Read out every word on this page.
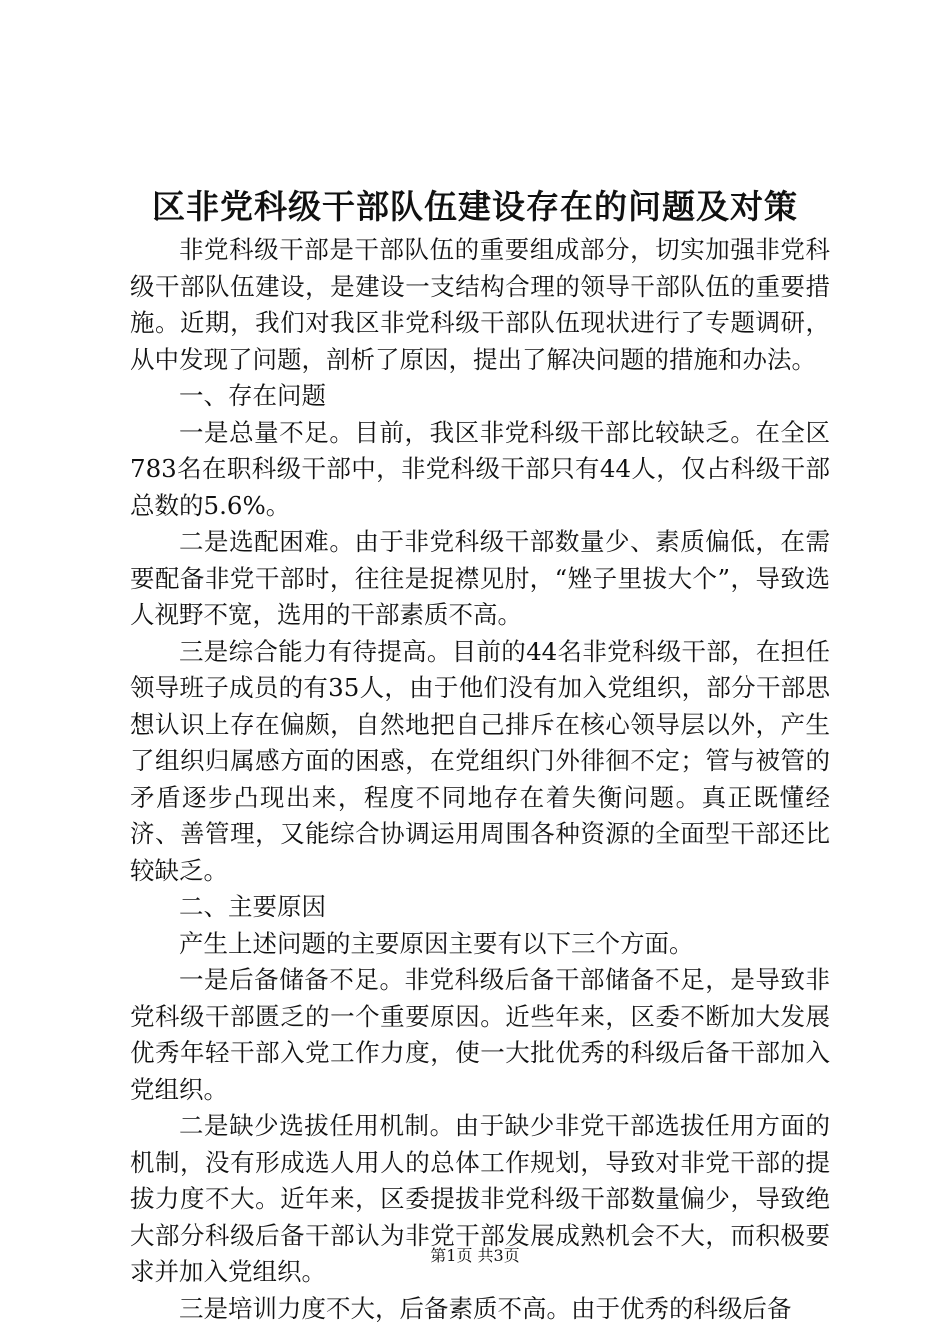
区非党科级干部队伍建设存在的问题及对策

非党科级干部是干部队伍的重要组成部分，切实加强非党科级干部队伍建设，是建设一支结构合理的领导干部队伍的重要措施。近期，我们对我区非党科级干部队伍现状进行了专题调研，从中发现了问题，剖析了原因，提出了解决问题的措施和办法。

一、存在问题

一是总量不足。目前，我区非党科级干部比较缺乏。在全区783名在职科级干部中，非党科级干部只有44人，仅占科级干部总数的5.6%。

二是选配困难。由于非党科级干部数量少、素质偏低，在需要配备非党干部时，往往是捉襟见肘，“矬子里拔大个”，导致选人视野不宽，选用的干部素质不高。

三是综合能力有待提高。目前的44名非党科级干部，在担任领导班子成员的有35人，由于他们没有加入党组织，部分干部思想认识上存在偏颇，自然地把自己排斥在核心领导层以外，产生了组织归属感方面的困惑，在党组织门外徘徊不定；管与被管的矛盾逐步凸现出来，程度不同地存在着失衡问题。真正既懂经济、善管理，又能综合协调运用周围各种资源的全面型干部还比较缺乏。

二、主要原因

产生上述问题的主要原因主要有以下三个方面。

一是后备储备不足。非党科级后备干部储备不足，是导致非党科级干部匮乏的一个重要原因。近些年来，区委不断加大发展优秀年轻干部入党工作力度，使一大批优秀的科级后备干部加入党组织。

二是缺少选拔任用机制。由于缺少非党干部选拔任用方面的机制，没有形成选人用人的总体工作规划，导致对非党干部的提拔力度不大。近年来，区委提拔非党科级干部数量偏少，导致绝大部分科级后备干部认为非党干部发展成熟机会不大，而积极要求并加入党组织。

三是培训力度不大，后备素质不高。由于优秀的科级后备

第1页 共3页
